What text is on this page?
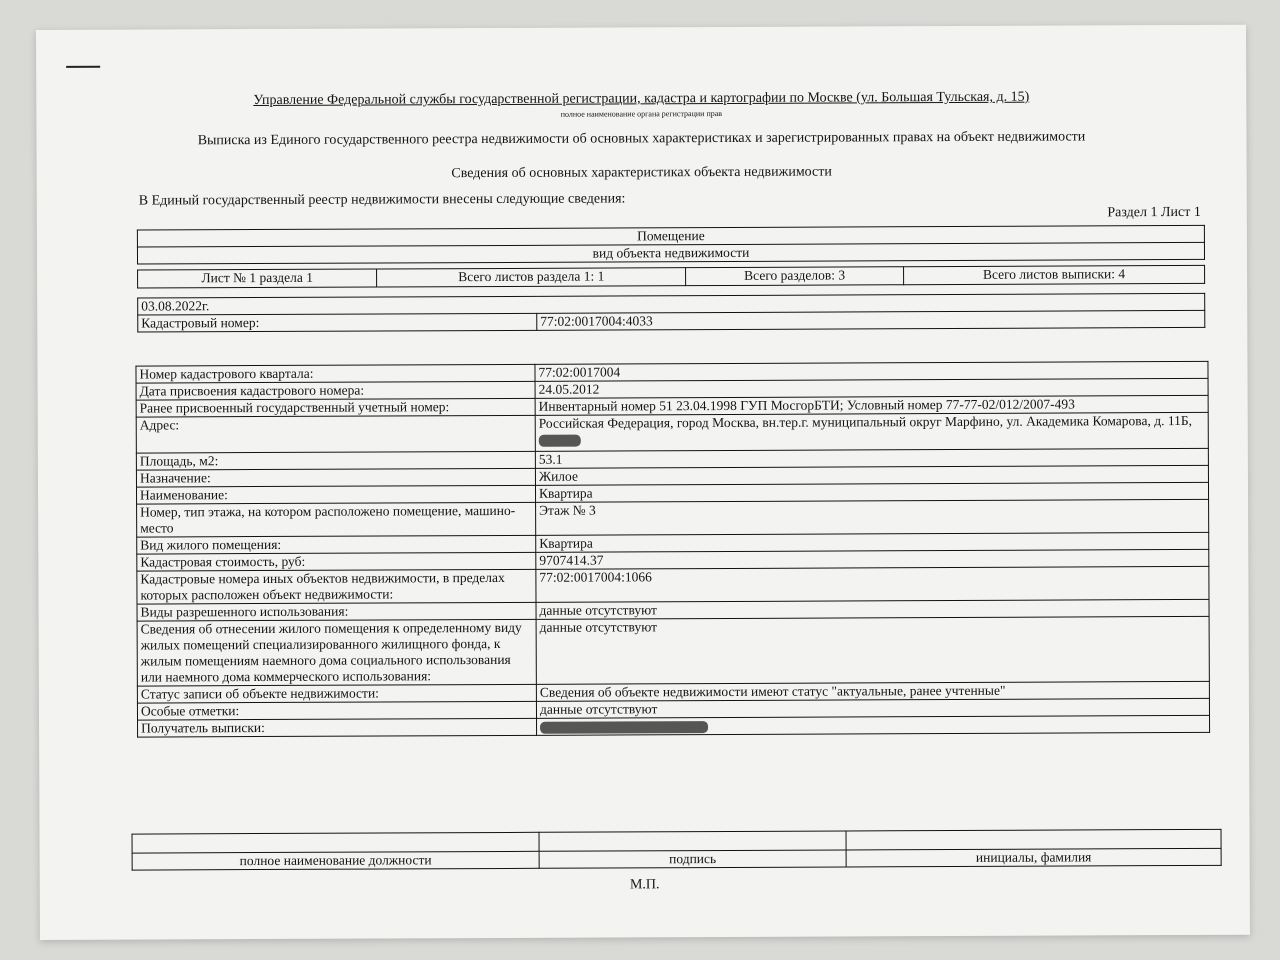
Управление Федеральной службы государственной регистрации, кадастра и картографии по Москве (ул. Большая Тульская, д. 15)
полное наименование органа регистрации прав
Выписка из Единого государственного реестра недвижимости об основных характеристиках и зарегистрированных правах на объект недвижимости
Сведения об основных характеристиках объекта недвижимости
В Единый государственный реестр недвижимости внесены следующие сведения:
Раздел 1 Лист 1
Помещение
вид объекта недвижимости
Лист № 1 раздела 1	Всего листов раздела 1: 1	Всего разделов: 3	Всего листов выписки: 4
03.08.2022г.
Кадастровый номер:	77:02:0017004:4033
Номер кадастрового квартала:	77:02:0017004
Дата присвоения кадастрового номера:	24.05.2012
Ранее присвоенный государственный учетный номер:	Инвентарный номер 51 23.04.1998 ГУП МосгорБТИ; Условный номер 77-77-02/012/2007-493
Адрес:	Российская Федерация, город Москва, вн.тер.г. муниципальный округ Марфино, ул. Академика Комарова, д. 11Б,
Площадь, м2:	53.1
Назначение:	Жилое
Наименование:	Квартира
Номер, тип этажа, на котором расположено помещение, машино-место	Этаж № 3
Вид жилого помещения:	Квартира
Кадастровая стоимость, руб:	9707414.37
Кадастровые номера иных объектов недвижимости, в пределах которых расположен объект недвижимости:	77:02:0017004:1066
Виды разрешенного использования:	данные отсутствуют
Сведения об отнесении жилого помещения к определенному виду жилых помещений специализированного жилищного фонда, к жилым помещениям наемного дома социального использования или наемного дома коммерческого использования:	данные отсутствуют
Статус записи об объекте недвижимости:	Сведения об объекте недвижимости имеют статус "актуальные, ранее учтенные"
Особые отметки:	данные отсутствуют
Получатель выписки:	

полное наименование должности	подпись	инициалы, фамилия
М.П.
